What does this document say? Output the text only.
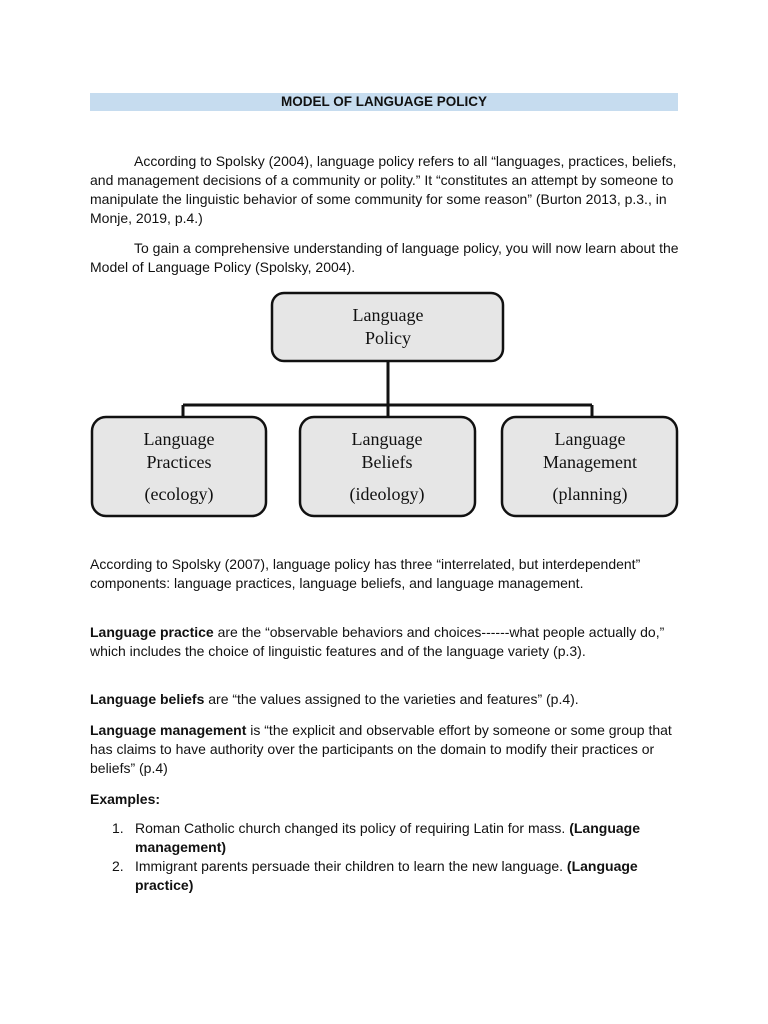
MODEL OF LANGUAGE POLICY

According to Spolsky (2004), language policy refers to all “languages, practices, beliefs, and management decisions of a community or polity.” It “constitutes an attempt by someone to manipulate the linguistic behavior of some community for some reason” (Burton 2013, p.3., in Monje, 2019, p.4.)

To gain a comprehensive understanding of language policy, you will now learn about the Model of Language Policy (Spolsky, 2004).

Language
Policy
Language
Practices
(ecology)
Language
Beliefs
(ideology)
Language
Management
(planning)

According to Spolsky (2007), language policy has three “interrelated, but interdependent” components: language practices, language beliefs, and language management.

Language practice are the “observable behaviors and choices------what people actually do,” which includes the choice of linguistic features and of the language variety (p.3).

Language beliefs are “the values assigned to the varieties and features” (p.4).

Language management is “the explicit and observable effort by someone or some group that has claims to have authority over the participants on the domain to modify their practices or beliefs” (p.4)

Examples:

1. Roman Catholic church changed its policy of requiring Latin for mass. (Language management)
2. Immigrant parents persuade their children to learn the new language. (Language practice)
